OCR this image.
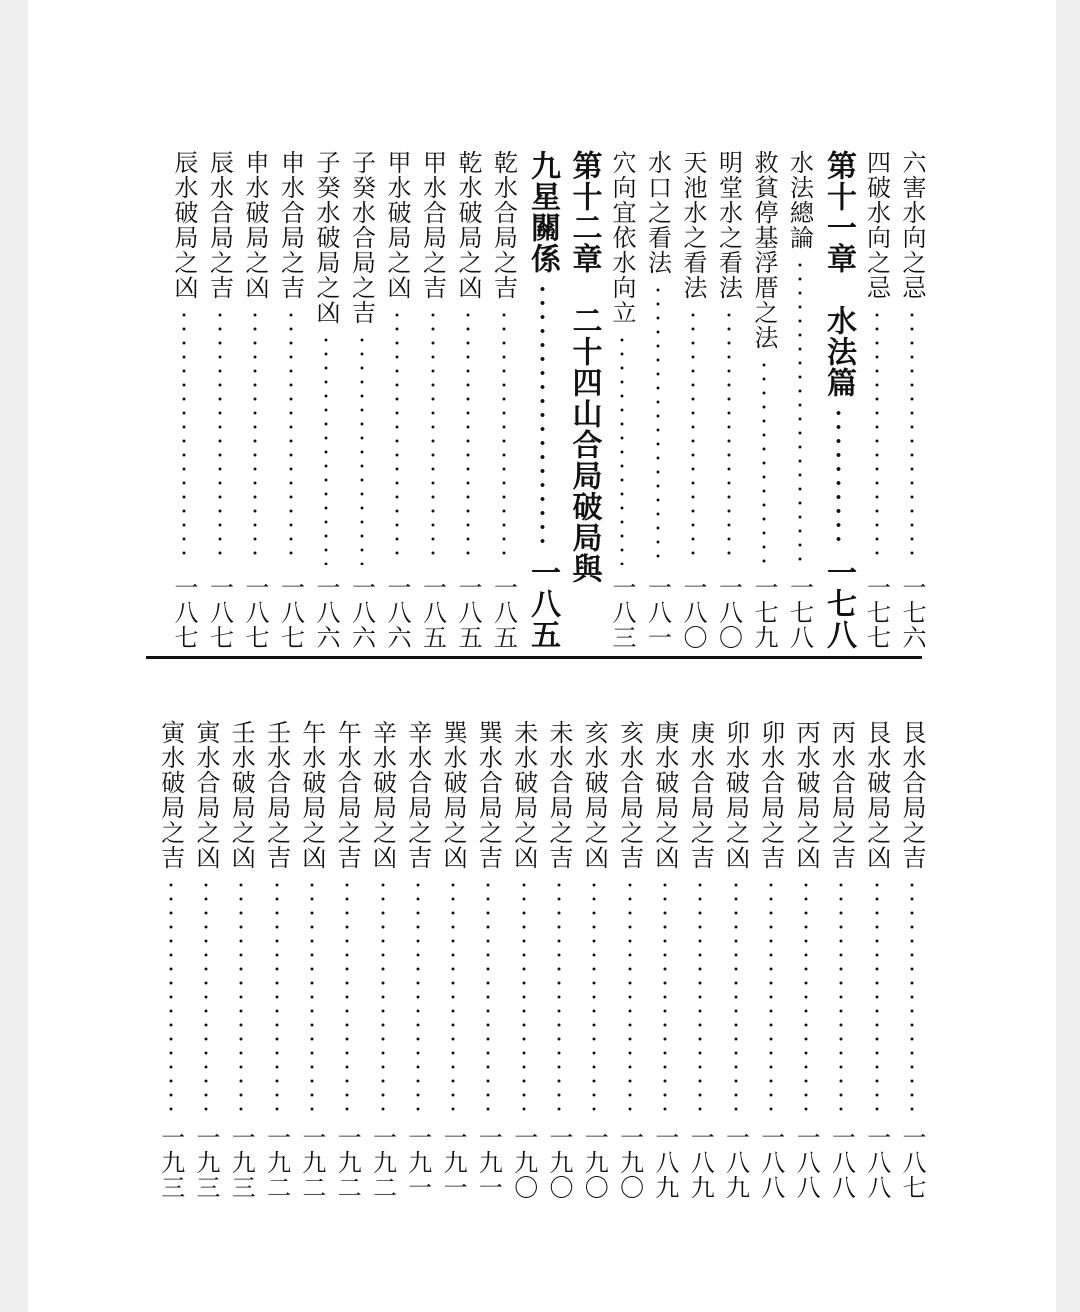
六害水向之忌
一七六
四破水向之忌
一七七
第十一章　水法篇
一七八
水法總論
一七八
救貧停基浮厝之法
一七九
明堂水之看法
一八〇
天池水之看法
一八〇
水口之看法
一八一
穴向宜依水向立
一八三
第十二章　二十四山合局破局與
九星關係
一八五
乾水合局之吉
一八五
乾水破局之凶
一八五
甲水合局之吉
一八五
甲水破局之凶
一八六
子癸水合局之吉
一八六
子癸水破局之凶
一八六
申水合局之吉
一八七
申水破局之凶
一八七
辰水合局之吉
一八七
辰水破局之凶
一八七
艮水合局之吉
一八七
艮水破局之凶
一八八
丙水合局之吉
一八八
丙水破局之凶
一八八
卯水合局之吉
一八八
卯水破局之凶
一八九
庚水合局之吉
一八九
庚水破局之凶
一八九
亥水合局之吉
一九〇
亥水破局之凶
一九〇
未水合局之吉
一九〇
未水破局之凶
一九〇
巽水合局之吉
一九一
巽水破局之凶
一九一
辛水合局之吉
一九一
辛水破局之凶
一九二
午水合局之吉
一九二
午水破局之凶
一九二
壬水合局之吉
一九二
壬水破局之凶
一九三
寅水合局之凶
一九三
寅水破局之吉
一九三
